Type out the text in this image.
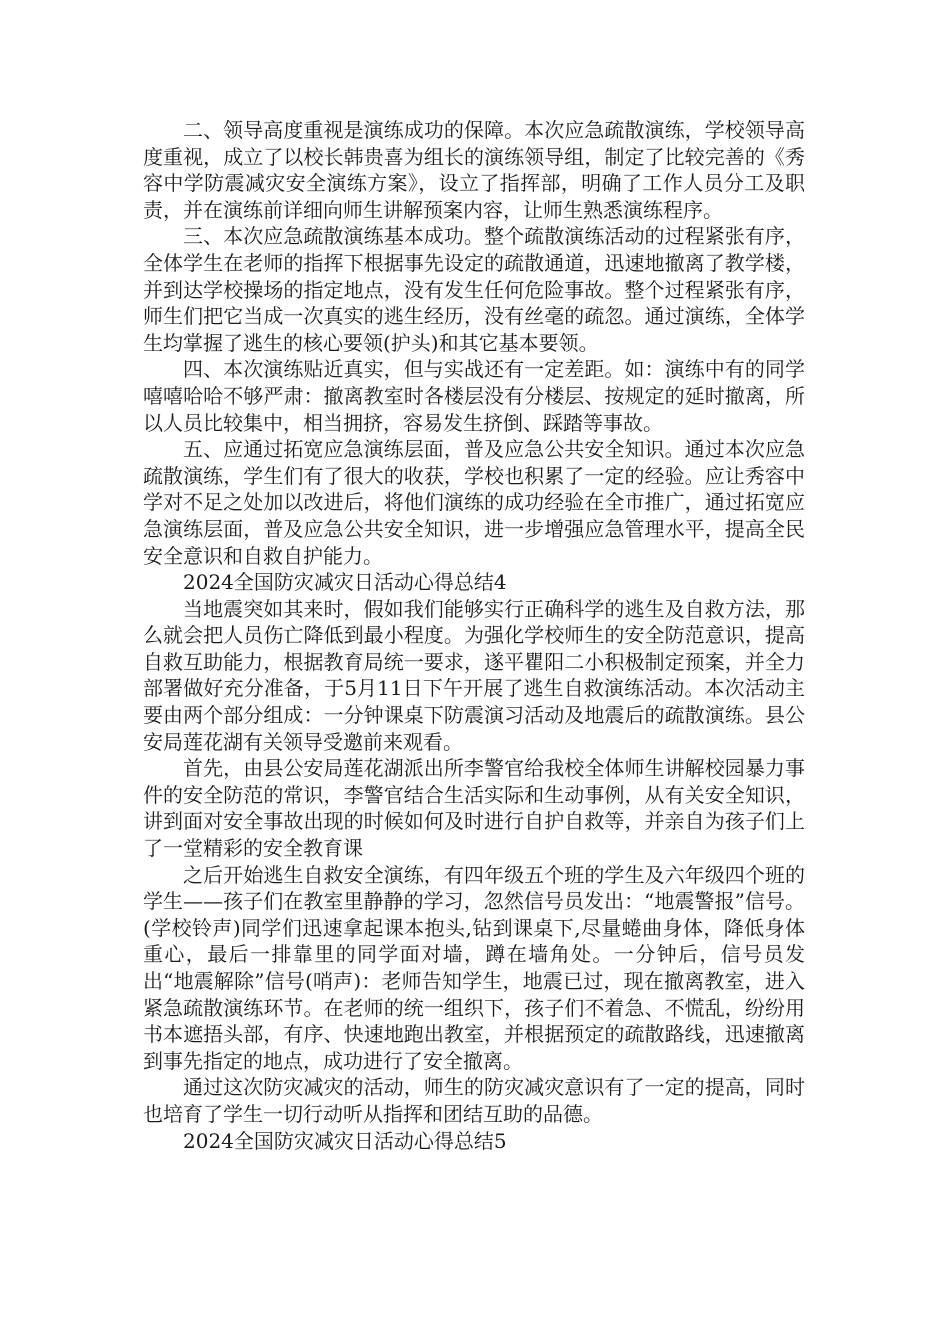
二、领导高度重视是演练成功的保障。本次应急疏散演练，学校领导高度重视，成立了以校长韩贵喜为组长的演练领导组，制定了比较完善的《秀容中学防震减灾安全演练方案》，设立了指挥部，明确了工作人员分工及职责，并在演练前详细向师生讲解预案内容，让师生熟悉演练程序。

三、本次应急疏散演练基本成功。整个疏散演练活动的过程紧张有序，全体学生在老师的指挥下根据事先设定的疏散通道，迅速地撤离了教学楼，并到达学校操场的指定地点，没有发生任何危险事故。整个过程紧张有序，师生们把它当成一次真实的逃生经历，没有丝毫的疏忽。通过演练，全体学生均掌握了逃生的核心要领(护头)和其它基本要领。

四、本次演练贴近真实，但与实战还有一定差距。如：演练中有的同学嘻嘻哈哈不够严肃：撤离教室时各楼层没有分楼层、按规定的延时撤离，所以人员比较集中，相当拥挤，容易发生挤倒、踩踏等事故。

五、应通过拓宽应急演练层面，普及应急公共安全知识。通过本次应急疏散演练，学生们有了很大的收获，学校也积累了一定的经验。应让秀容中学对不足之处加以改进后，将他们演练的成功经验在全市推广，通过拓宽应急演练层面，普及应急公共安全知识，进一步增强应急管理水平，提高全民安全意识和自救自护能力。

2024全国防灾减灾日活动心得总结4

当地震突如其来时，假如我们能够实行正确科学的逃生及自救方法，那么就会把人员伤亡降低到最小程度。为强化学校师生的安全防范意识，提高自救互助能力，根据教育局统一要求，遂平瞿阳二小积极制定预案，并全力部署做好充分准备，于5月11日下午开展了逃生自救演练活动。本次活动主要由两个部分组成：一分钟课桌下防震演习活动及地震后的疏散演练。县公安局莲花湖有关领导受邀前来观看。

首先，由县公安局莲花湖派出所李警官给我校全体师生讲解校园暴力事件的安全防范的常识，李警官结合生活实际和生动事例，从有关安全知识，讲到面对安全事故出现的时候如何及时进行自护自救等，并亲自为孩子们上了一堂精彩的安全教育课

之后开始逃生自救安全演练，有四年级五个班的学生及六年级四个班的学生——孩子们在教室里静静的学习，忽然信号员发出：“地震警报”信号。(学校铃声)同学们迅速拿起课本抱头,钻到课桌下,尽量蜷曲身体，降低身体重心，最后一排靠里的同学面对墙，蹲在墙角处。一分钟后，信号员发出“地震解除”信号(哨声)：老师告知学生，地震已过，现在撤离教室，进入紧急疏散演练环节。在老师的统一组织下，孩子们不着急、不慌乱，纷纷用书本遮捂头部，有序、快速地跑出教室，并根据预定的疏散路线，迅速撤离到事先指定的地点，成功进行了安全撤离。

通过这次防灾减灾的活动，师生的防灾减灾意识有了一定的提高，同时也培育了学生一切行动听从指挥和团结互助的品德。

2024全国防灾减灾日活动心得总结5
